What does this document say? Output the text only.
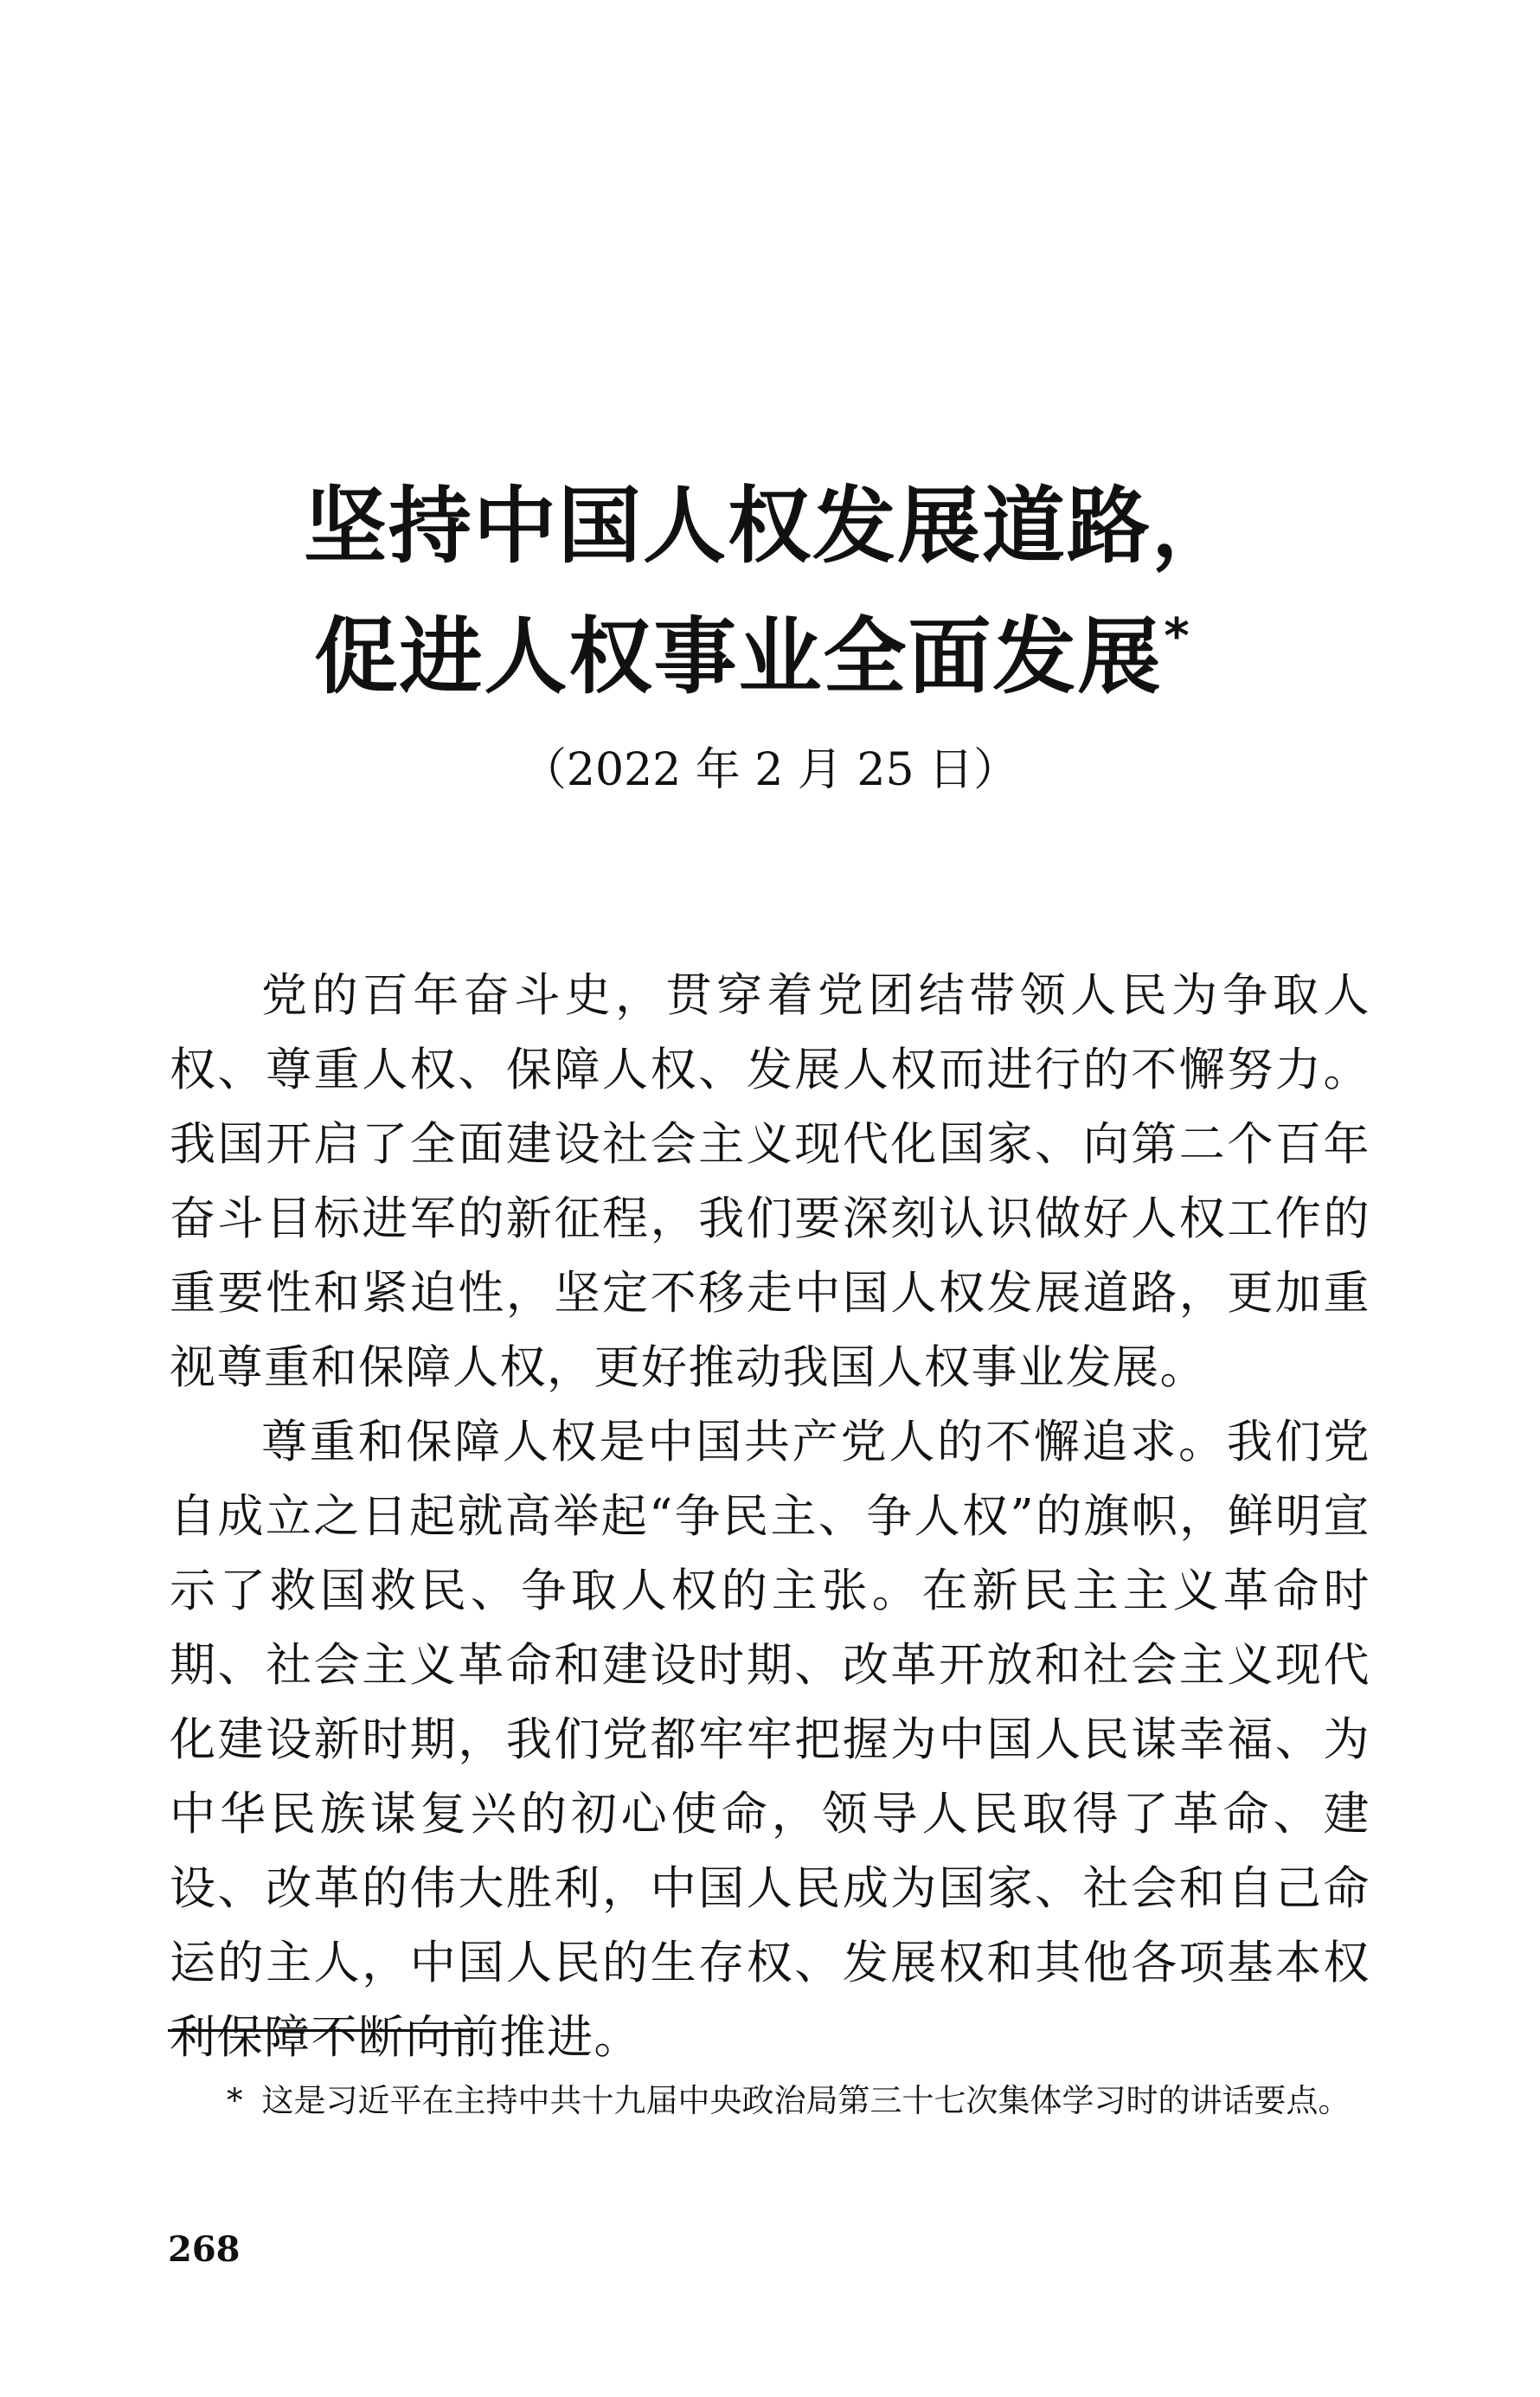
坚持中国人权发展道路，
促进人权事业全面发展*
（2022 年 2 月 25 日）

党的百年奋斗史，贯穿着党团结带领人民为争取人权、尊重人权、保障人权、发展人权而进行的不懈努力。我国开启了全面建设社会主义现代化国家、向第二个百年奋斗目标进军的新征程，我们要深刻认识做好人权工作的重要性和紧迫性，坚定不移走中国人权发展道路，更加重视尊重和保障人权，更好推动我国人权事业发展。

尊重和保障人权是中国共产党人的不懈追求。我们党自成立之日起就高举起“争民主、争人权”的旗帜，鲜明宣示了救国救民、争取人权的主张。在新民主主义革命时期、社会主义革命和建设时期、改革开放和社会主义现代化建设新时期，我们党都牢牢把握为中国人民谋幸福、为中华民族谋复兴的初心使命，领导人民取得了革命、建设、改革的伟大胜利，中国人民成为国家、社会和自己命运的主人，中国人民的生存权、发展权和其他各项基本权利保障不断向前推进。

* 这是习近平在主持中共十九届中央政治局第三十七次集体学习时的讲话要点。
268
